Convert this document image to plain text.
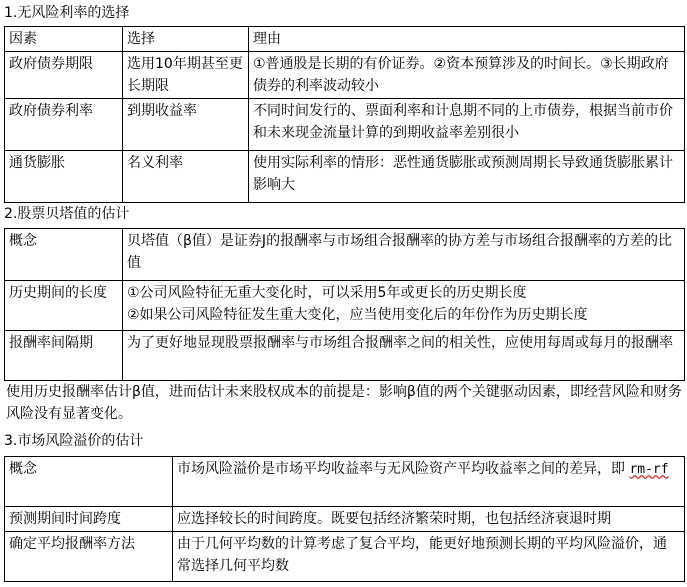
1.无风险利率的选择
因素	选择	理由
政府债券期限	选用10年期甚至更长期限	①普通股是长期的有价证券。②资本预算涉及的时间长。③长期政府债券的利率波动较小
政府债券利率	到期收益率	不同时间发行的、票面利率和计息期不同的上市债券，根据当前市价和未来现金流量计算的到期收益率差别很小
通货膨胀	名义利率	使用实际利率的情形：恶性通货膨胀或预测周期长导致通货膨胀累计影响大
2.股票贝塔值的估计
概念	贝塔值（β值）是证券J的报酬率与市场组合报酬率的协方差与市场组合报酬率的方差的比值
历史期间的长度	①公司风险特征无重大变化时，可以采用5年或更长的历史期长度
②如果公司风险特征发生重大变化，应当使用变化后的年份作为历史期长度
报酬率间隔期	为了更好地显现股票报酬率与市场组合报酬率之间的相关性，应使用每周或每月的报酬率
使用历史报酬率估计β值，进而估计未来股权成本的前提是：影响β值的两个关键驱动因素，即经营风险和财务风险没有显著变化。
3.市场风险溢价的估计
概念	市场风险溢价是市场平均收益率与无风险资产平均收益率之间的差异，即 rm-rf
预测期间时间跨度	应选择较长的时间跨度。既要包括经济繁荣时期，也包括经济衰退时期
确定平均报酬率方法	由于几何平均数的计算考虑了复合平均，能更好地预测长期的平均风险溢价，通常选择几何平均数
